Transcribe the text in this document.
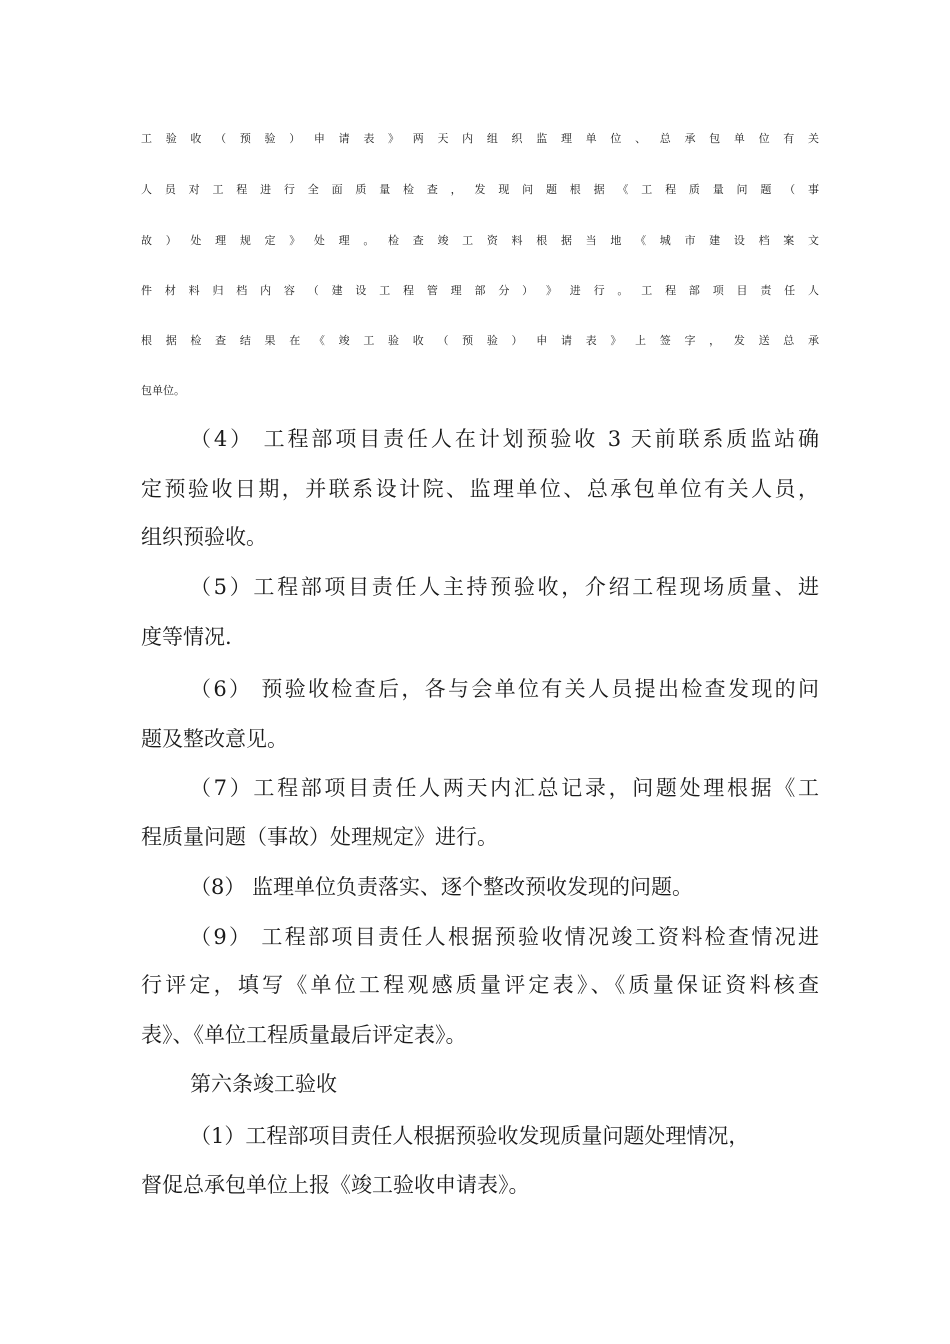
工 验 收 （ 预 验 ） 申 请 表 》 两 天 内 组 织 监 理 单 位 、 总 承 包 单 位 有 关
人 员 对 工 程 进 行 全 面 质 量 检 查 ， 发 现 问 题 根 据 《 工 程 质 量 问 题 （ 事
故 ） 处 理 规 定 》 处 理 。 检 查 竣 工 资 料 根 据 当 地 《 城 市 建 设 档 案 文
件 材 料 归 档 内 容 （ 建 设 工 程 管 理 部 分 ） 》 进 行 。 工 程 部 项 目 责 任 人
根 据 检 查 结 果 在 《 竣 工 验 收 （ 预 验 ） 申 请 表 》 上 签 字 ， 发 送 总 承
包单位。
（4） 工程部项目责任人在计划预验收 3 天前联系质监站确
定预验收日期，并联系设计院、监理单位、总承包单位有关人员，
组织预验收。
（5）工程部项目责任人主持预验收，介绍工程现场质量、进
度等情况.
（6） 预验收检查后，各与会单位有关人员提出检查发现的问
题及整改意见。
（7）工程部项目责任人两天内汇总记录，问题处理根据《工
程质量问题（事故）处理规定》进行。
（8） 监理单位负责落实、逐个整改预收发现的问题。
（9） 工程部项目责任人根据预验收情况竣工资料检查情况进
行评定，填写《单位工程观感质量评定表》、《质量保证资料核查
表》、《单位工程质量最后评定表》。
第六条竣工验收
（1）工程部项目责任人根据预验收发现质量问题处理情况，
督促总承包单位上报《竣工验收申请表》。
